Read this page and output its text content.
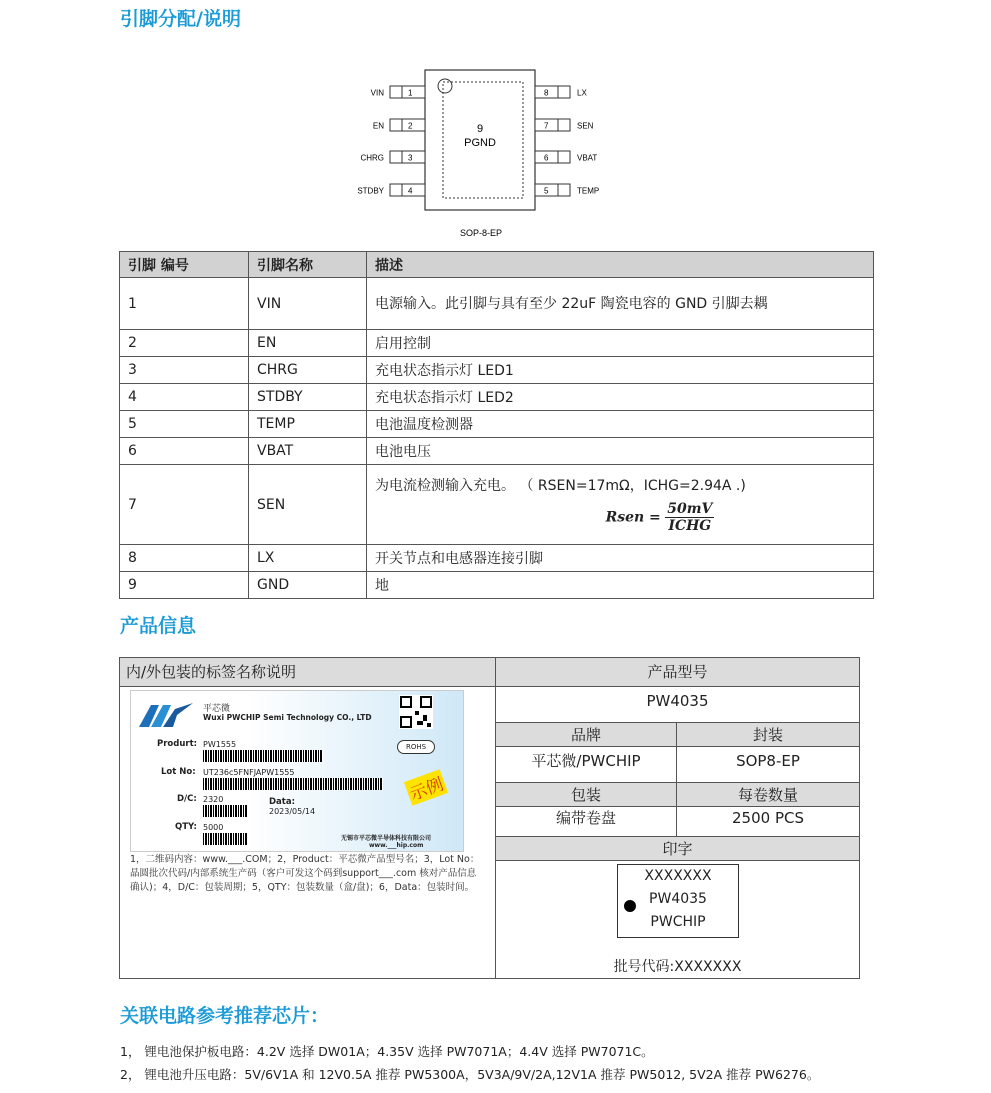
引脚分配/说明
9
PGND
1
VIN
2
EN
3
CHRG
4
STDBY
8	LX
7	SEN
6	VBAT
5	TEMP
SOP-8-EP
引脚 编号	引脚名称	描述
1	VIN	电源输入。此引脚与具有至少 22uF 陶瓷电容的 GND 引脚去耦
2	EN	启用控制
3	CHRG	充电状态指示灯 LED1
4	STDBY	充电状态指示灯 LED2
5	TEMP	电池温度检测器
6	VBAT	电池电压
7	SEN	为电流检测输入充电。 （ RSEN=17mΩ，ICHG=2.94A .)
Rsen = $\frac{50mV}{\text{ICHG}}$

8	LX	开关节点和电感器连接引脚
9	GND	地
产品信息
内/外包装的标签名称说明
平芯微
Wuxi PWCHIP Semi Technology CO., LTD
Produrt: PW1555	ROHS
Lot No: UT236c5FNFJAPW1555
示例
D/C: 2320	Data:
2023/05/14
QTY: 5000
无锡市平芯微半导体科技有限公司
www.___hip.com
1，二维码内容：www.___.COM；2，Product：平芯微产品型号名；3，Lot No：晶圆批次代码/内部系统生产码（客户可发这个码到support___.com 核对产品信息确认)；4，D/C：包装周期；5，QTY：包装数量（盒/盘)；6，Data：包装时间。
产品型号
PW4035
品牌	封装
平芯微/PWCHIP	SOP8-EP
包装	每卷数量
编带卷盘	2500 PCS
印字
XXXXXXX
PW4035
PWCHIP
批号代码:XXXXXXX
关联电路参考推荐芯片：
1， 锂电池保护板电路：4.2V 选择 DW01A；4.35V 选择 PW7071A；4.4V 选择 PW7071C。
2， 锂电池升压电路：5V/6V1A 和 12V0.5A 推荐 PW5300A，5V3A/9V/2A,12V1A 推荐 PW5012, 5V2A 推荐 PW6276。
